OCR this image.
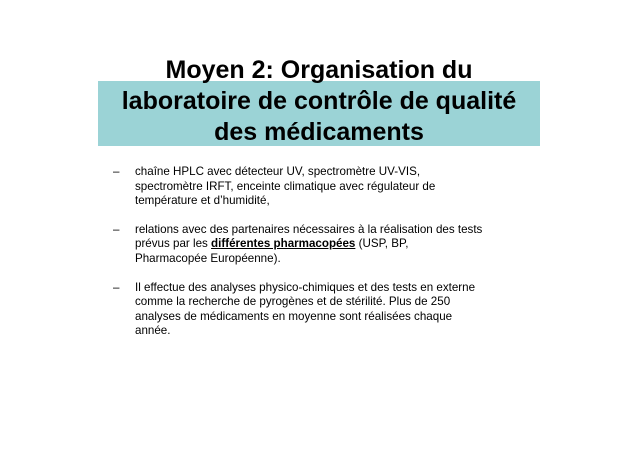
Moyen 2: Organisation du
laboratoire de contrôle de qualité
des médicaments
– chaîne HPLC avec détecteur UV, spectromètre UV-VIS,
spectromètre IRFT, enceinte climatique avec régulateur de
température et d’humidité,
– relations avec des partenaires nécessaires à la réalisation des tests
prévus par les différentes pharmacopées (USP, BP,
Pharmacopée Européenne).
– Il effectue des analyses physico-chimiques et des tests en externe
comme la recherche de pyrogènes et de stérilité. Plus de 250
analyses de médicaments en moyenne sont réalisées chaque
année.
